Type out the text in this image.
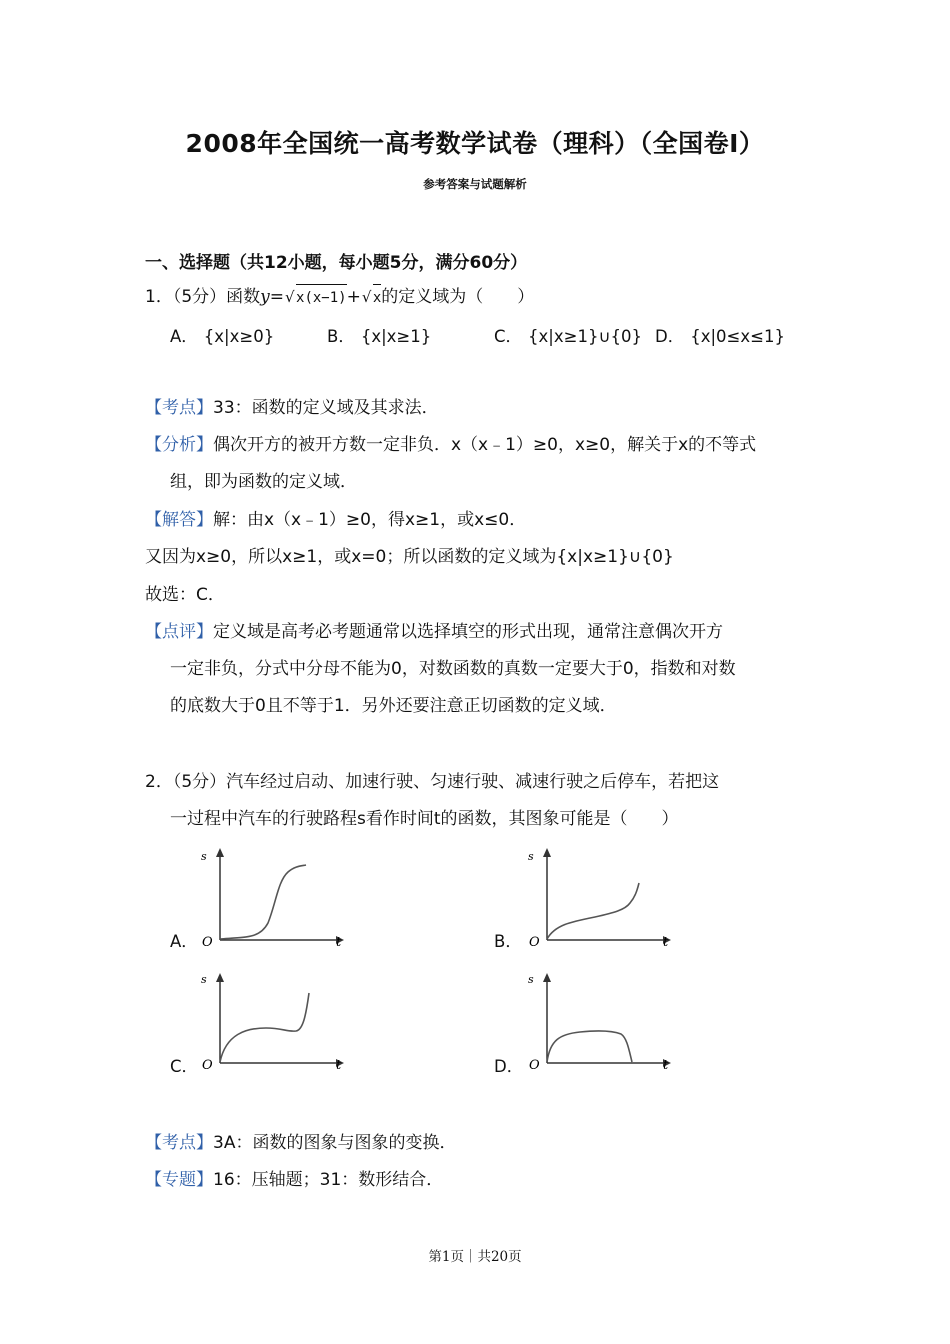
2008年全国统一高考数学试卷（理科）（全国卷Ⅰ）
参考答案与试题解析
一、选择题（共12小题，每小题5分，满分60分）
1．（5分）函数y= √ x(x−1)+ √ x的定义域为（　　）
A． {x|x≥0}	B． {x|x≥1}	C． {x|x≥1}∪{0} D． {x|0≤x≤1}
【考点】33：函数的定义域及其求法．
【分析】偶次开方的被开方数一定非负．x（x﹣1）≥0，x≥0，解关于x的不等式
组，即为函数的定义域．
【解答】解：由x（x﹣1）≥0，得x≥1，或x≤0．
又因为x≥0，所以x≥1，或x=0；所以函数的定义域为{x|x≥1}∪{0}
故选：C．
【点评】定义域是高考必考题通常以选择填空的形式出现，通常注意偶次开方
一定非负，分式中分母不能为0，对数函数的真数一定要大于0，指数和对数
的底数大于0且不等于1．另外还要注意正切函数的定义域．
2．（5分）汽车经过启动、加速行驶、匀速行驶、减速行驶之后停车，若把这
一过程中汽车的行驶路程s看作时间t的函数，其图象可能是（　　）
A．
s
O	t	B．
s
O	t
C．
s
O	t	D．
s
O	t
【考点】3A：函数的图象与图象的变换．
【专题】16：压轴题；31：数形结合．
第1页｜共20页
